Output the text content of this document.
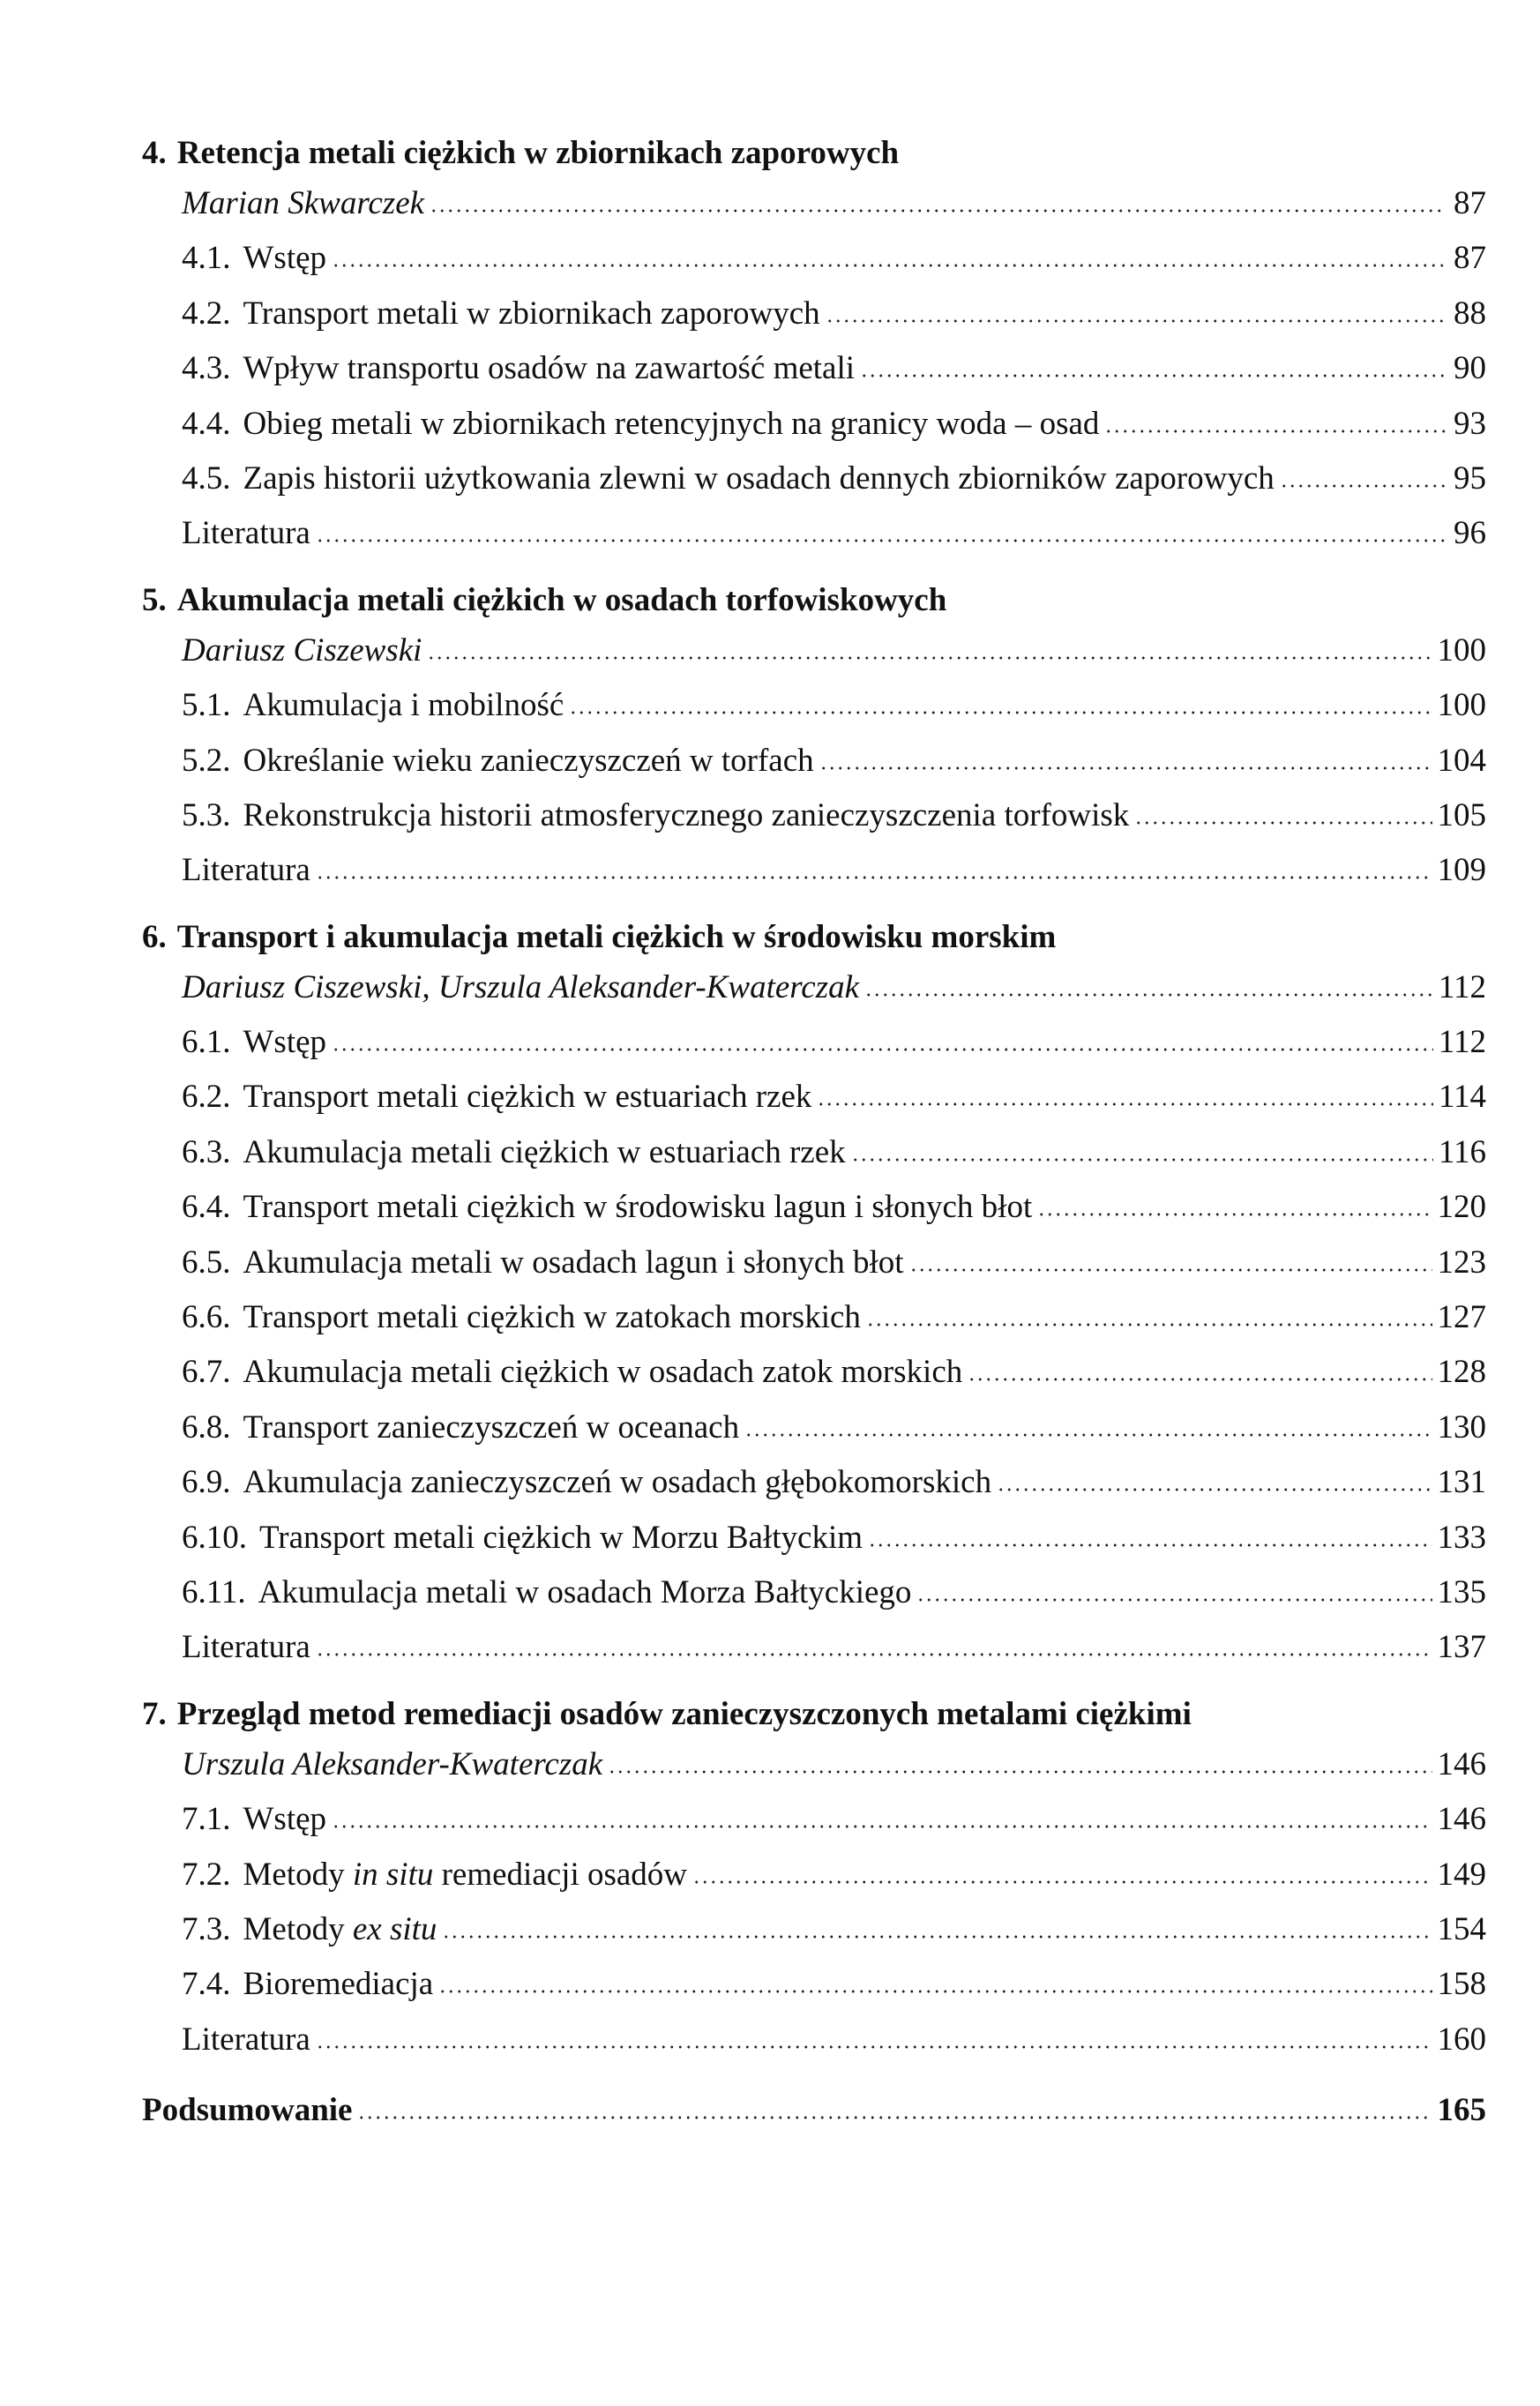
4. Retencja metali ciężkich w zbiornikach zaporowych
Marian Skwarczek	87
4.1. Wstęp	87
4.2. Transport metali w zbiornikach zaporowych	88
4.3. Wpływ transportu osadów na zawartość metali	90
4.4. Obieg metali w zbiornikach retencyjnych na granicy woda – osad	93
4.5. Zapis historii użytkowania zlewni w osadach dennych zbiorników zaporowych	95
Literatura	96
5. Akumulacja metali ciężkich w osadach torfowiskowych
Dariusz Ciszewski	100
5.1. Akumulacja i mobilność	100
5.2. Określanie wieku zanieczyszczeń w torfach	104
5.3. Rekonstrukcja historii atmosferycznego zanieczyszczenia torfowisk	105
Literatura	109
6. Transport i akumulacja metali ciężkich w środowisku morskim
Dariusz Ciszewski, Urszula Aleksander-Kwaterczak	112
6.1. Wstęp	112
6.2. Transport metali ciężkich w estuariach rzek	114
6.3. Akumulacja metali ciężkich w estuariach rzek	116
6.4. Transport metali ciężkich w środowisku lagun i słonych błot	120
6.5. Akumulacja metali w osadach lagun i słonych błot	123
6.6. Transport metali ciężkich w zatokach morskich	127
6.7. Akumulacja metali ciężkich w osadach zatok morskich	128
6.8. Transport zanieczyszczeń w oceanach	130
6.9. Akumulacja zanieczyszczeń w osadach głębokomorskich	131
6.10. Transport metali ciężkich w Morzu Bałtyckim	133
6.11. Akumulacja metali w osadach Morza Bałtyckiego	135
Literatura	137
7. Przegląd metod remediacji osadów zanieczyszczonych metalami ciężkimi
Urszula Aleksander-Kwaterczak	146
7.1. Wstęp	146
7.2. Metody in situ remediacji osadów	149
7.3. Metody ex situ	154
7.4. Bioremediacja	158
Literatura	160
Podsumowanie	165
